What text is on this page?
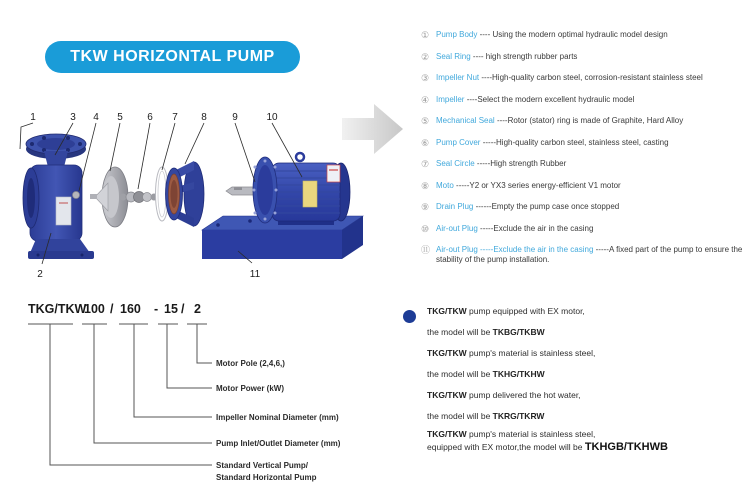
TKW HORIZONTAL PUMP
1	3 4 5 6 7 8	9	10
2	11
① Pump Body ---- Using the modern optimal hydraulic model design
② Seal Ring ---- high strength rubber parts
③ Impeller Nut ----High-quality carbon steel, corrosion-resistant stainless steel
④ Impeller ----Select the modern excellent hydraulic model
⑤ Mechanical Seal ----Rotor (stator) ring is made of Graphite, Hard Alloy
⑥ Pump Cover -----High-quality carbon steel, stainless steel, casting
⑦ Seal Circle -----High strength Rubber
⑧ Moto -----Y2 or YX3 series energy-efficient V1 motor
⑨ Drain Plug ------Empty the pump case once stopped
⑩ Air-out Plug -----Exclude the air in the casing
⑪ Air-out Plug -----Exclude the air in the casing -----A fixed part of the pump to ensure the stability of the pump installation.
TKG/TKW
100 / 160 - 15 / 2
Motor Pole (2,4,6,)
Motor Power (kW)
Impeller Nominal Diameter (mm)
Pump Inlet/Outlet Diameter (mm)
Standard Vertical Pump/
Standard Horizontal Pump
TKG/TKW pump equipped with EX motor,
the model will be TKBG/TKBW
TKG/TKW pump's material is stainless steel,
the model will be TKHG/TKHW
TKG/TKW pump delivered the hot water,
the model will be TKRG/TKRW
TKG/TKW pump's material is stainless steel,
equipped with EX motor,the model will be TKHGB/TKHWB
